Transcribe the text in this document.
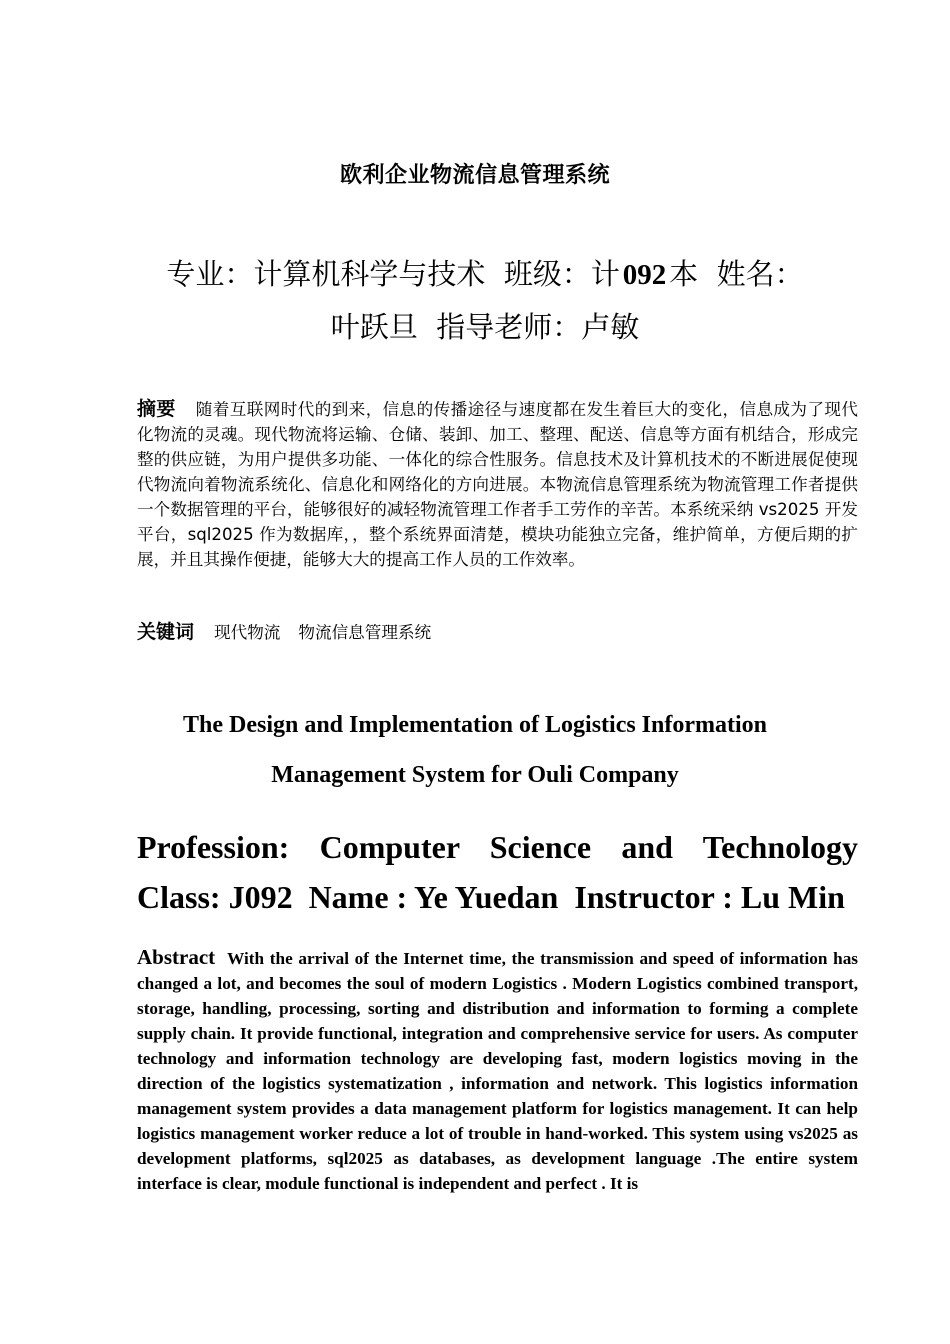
欧利企业物流信息管理系统
专业：计算机科学与技术 班级：计 092 本 姓名：
叶跃旦 指导老师：卢敏
摘要 随着互联网时代的到来，信息的传播途径与速度都在发生着巨大的变化，信息成为了现代化物流的灵魂。现代物流将运输、仓储、装卸、加工、整理、配送、信息等方面有机结合，形成完整的供应链，为用户提供多功能、一体化的综合性服务。信息技术及计算机技术的不断进展促使现代物流向着物流系统化、信息化和网络化的方向进展。本物流信息管理系统为物流管理工作者提供一个数据管理的平台，能够很好的减轻物流管理工作者手工劳作的辛苦。本系统采纳 vs2025 开发平台，sql2025 作为数据库，，整个系统界面清楚，模块功能独立完备，维护简单，方便后期的扩展，并且其操作便捷，能够大大的提高工作人员的工作效率。
关键词 现代物流 物流信息管理系统
The Design and Implementation of Logistics Information
Management System for Ouli Company
Profession: Computer Science and Technology
Class: J092  Name : Ye Yuedan  Instructor : Lu Min
Abstract With the arrival of the Internet time, the transmission and speed of information has changed a lot, and becomes the soul of modern Logistics . Modern Logistics combined transport, storage, handling, processing, sorting and distribution and information to forming a complete supply chain. It provide functional, integration and comprehensive service for users. As computer technology and information technology are developing fast, modern logistics moving in the direction of the logistics systematization , information and network. This logistics information management system provides a data management platform for logistics management. It can help logistics management worker reduce a lot of trouble in hand-worked. This system using vs2025 as development platforms, sql2025 as databases, as development language .The entire system interface is clear, module functional is independent and perfect . It is
